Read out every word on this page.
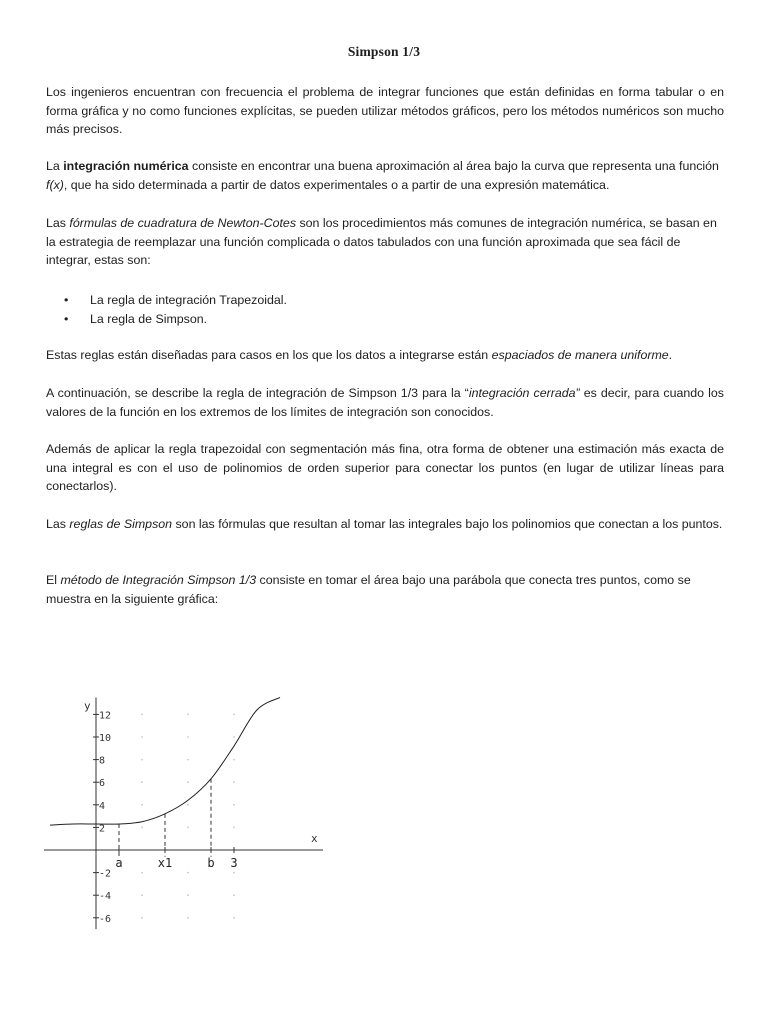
Simpson 1/3

Los ingenieros encuentran con frecuencia el problema de integrar funciones que están definidas en forma tabular o en forma gráfica y no como funciones explícitas, se pueden utilizar métodos gráficos, pero los métodos numéricos son mucho más precisos.

La integración numérica consiste en encontrar una buena aproximación al área bajo la curva que representa una función f(x), que ha sido determinada a partir de datos experimentales o a partir de una expresión matemática.

Las fórmulas de cuadratura de Newton-Cotes son los procedimientos más comunes de integración numérica, se basan en la estrategia de reemplazar una función complicada o datos tabulados con una función aproximada que sea fácil de integrar, estas son:

• La regla de integración Trapezoidal.
• La regla de Simpson.

Estas reglas están diseñadas para casos en los que los datos a integrarse están espaciados de manera uniforme.

A continuación, se describe la regla de integración de Simpson 1/3 para la “integración cerrada” es decir, para cuando los valores de la función en los extremos de los límites de integración son conocidos.

Además de aplicar la regla trapezoidal con segmentación más fina, otra forma de obtener una estimación más exacta de una integral es con el uso de polinomios de orden superior para conectar los puntos (en lugar de utilizar líneas para conectarlos).

Las reglas de Simpson son las fórmulas que resultan al tomar las integrales bajo los polinomios que conectan a los puntos.

El método de Integración Simpson 1/3 consiste en tomar el área bajo una parábola que conecta tres puntos, como se muestra en la siguiente gráfica:

y
x
12
10
8
6
4
2
-2
-4
-6
a	x1	b 3
